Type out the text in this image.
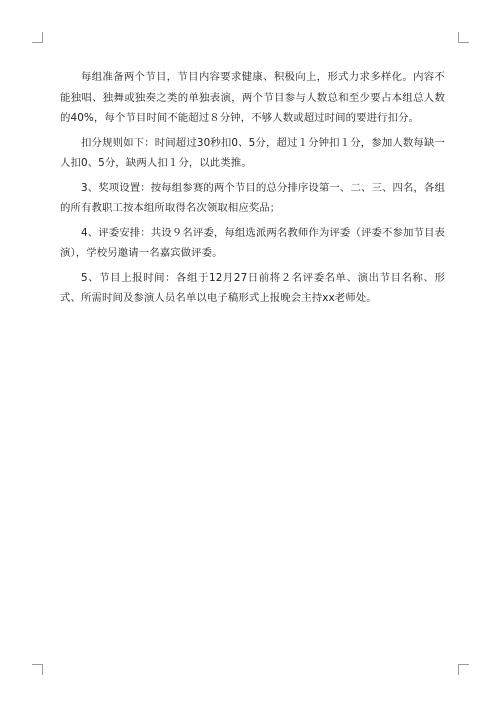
每组准备两个节目，节目内容要求健康、积极向上，形式力求多样化。内容不能独唱、独舞或独奏之类的单独表演，两个节目参与人数总和至少要占本组总人数的40%，每个节目时间不能超过８分钟，不够人数或超过时间的要进行扣分。

扣分规则如下：时间超过30秒扣0、5分，超过１分钟扣１分，参加人数每缺一人扣0、5分，缺两人扣１分，以此类推。

3、奖项设置：按每组参赛的两个节目的总分排序设第一、二、三、四名，各组的所有教职工按本组所取得名次领取相应奖品；

4、评委安排：共设９名评委，每组选派两名教师作为评委（评委不参加节目表演），学校另邀请一名嘉宾做评委。

5、节目上报时间：各组于12月27日前将２名评委名单、演出节目名称、形式、所需时间及参演人员名单以电子稿形式上报晚会主持xx老师处。
